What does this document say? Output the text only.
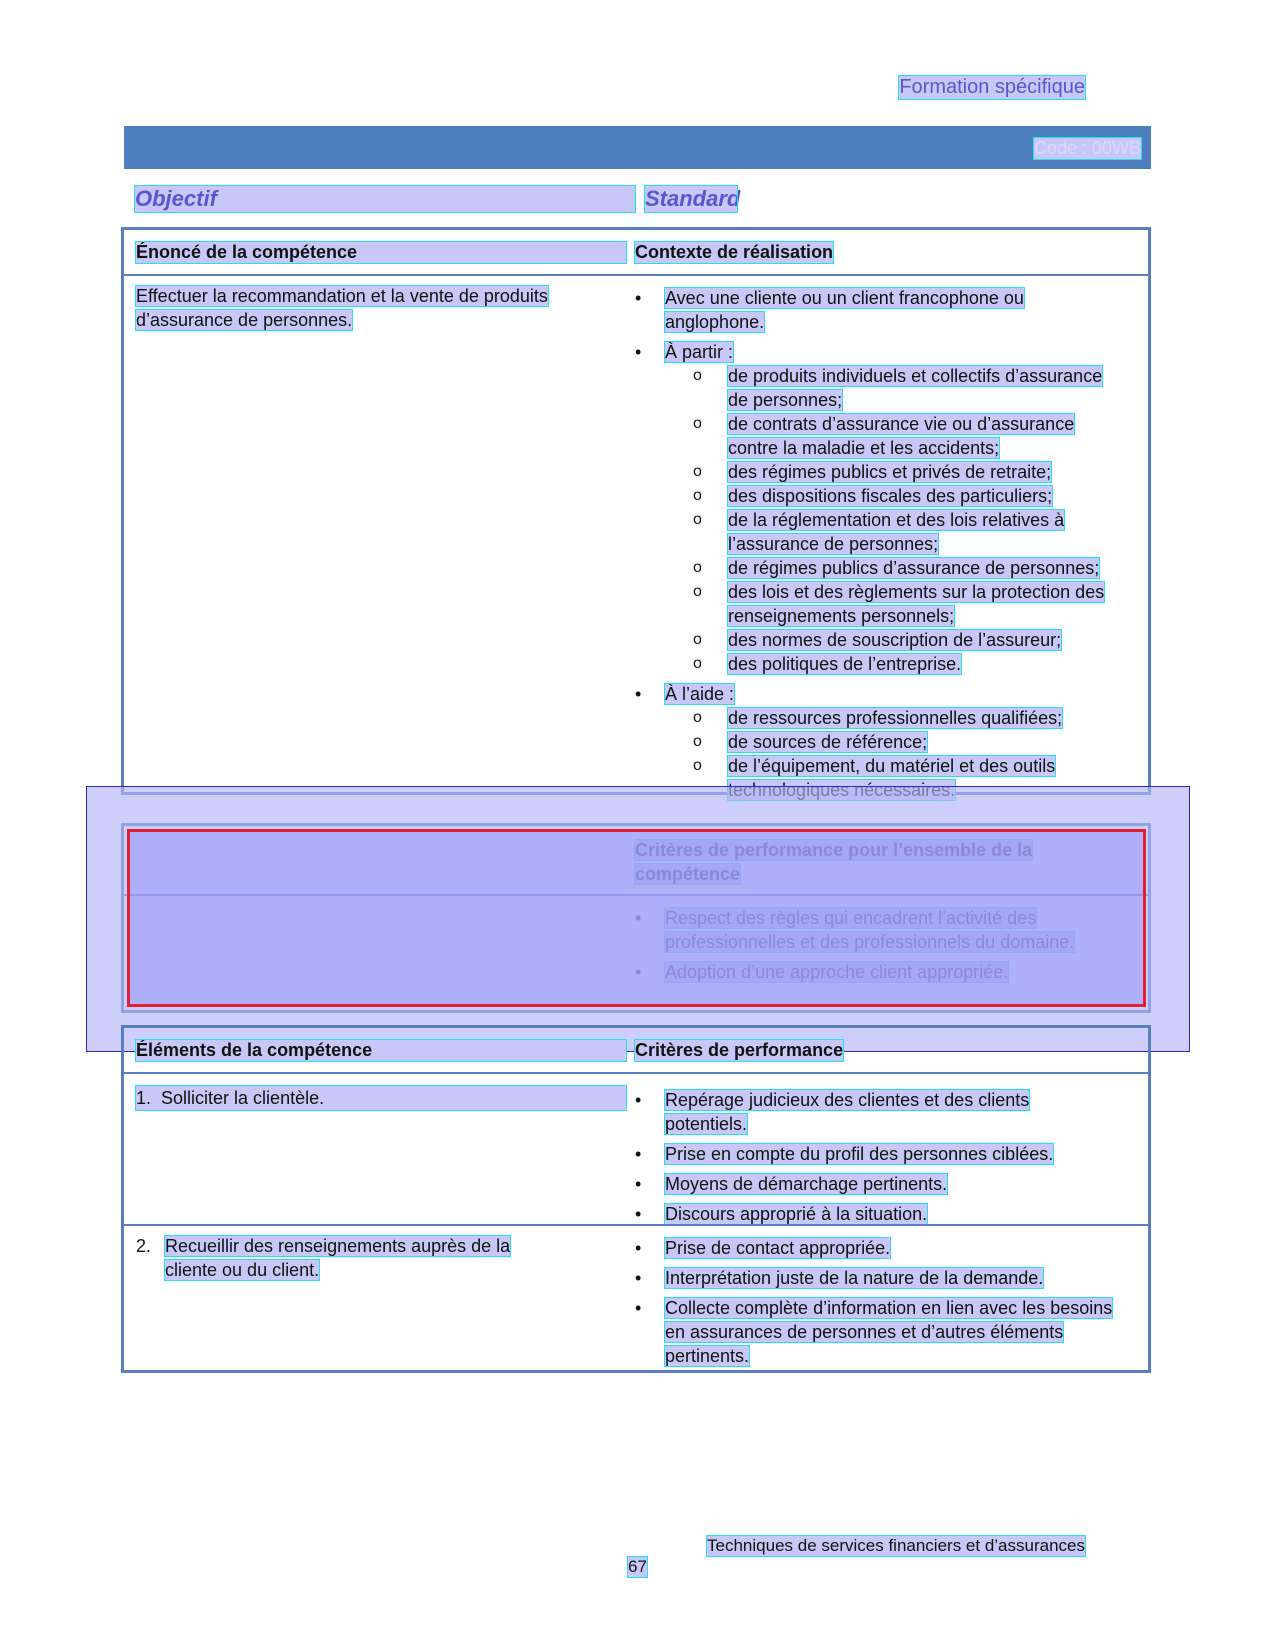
Formation spécifique
Code : 00WB
Objectif	Standard
Énoncé de la compétence	Contexte de réalisation
Effectuer la recommandation et la vente de produits d’assurance de personnes.
• Avec une cliente ou un client francophone ou anglophone.
• À partir :
o de produits individuels et collectifs d’assurance de personnes;
o de contrats d’assurance vie ou d’assurance contre la maladie et les accidents;
o des régimes publics et privés de retraite;
o des dispositions fiscales des particuliers;
o de la réglementation et des lois relatives à l’assurance de personnes;
o de régimes publics d’assurance de personnes;
o des lois et des règlements sur la protection des renseignements personnels;
o des normes de souscription de l’assureur;
o des politiques de l’entreprise.
• À l’aide :
o de ressources professionnelles qualifiées;
o de sources de référence;
o de l’équipement, du matériel et des outils
•
•
Éléments de la compétence	Critères de performance
1. Solliciter la clientèle.
•	Repérage judicieux des clientes et des clients potentiels.
• Prise en compte du profil des personnes ciblées.
• Moyens de démarchage pertinents.
• Discours approprié à la situation.
2. Recueillir des renseignements auprès de la cliente ou du client.
• Prise de contact appropriée.
• Interprétation juste de la nature de la demande.
• Collecte complète d’information en lien avec les besoins en assurances de personnes et d’autres éléments pertinents.
Techniques de services financiers et d’assurances
67
